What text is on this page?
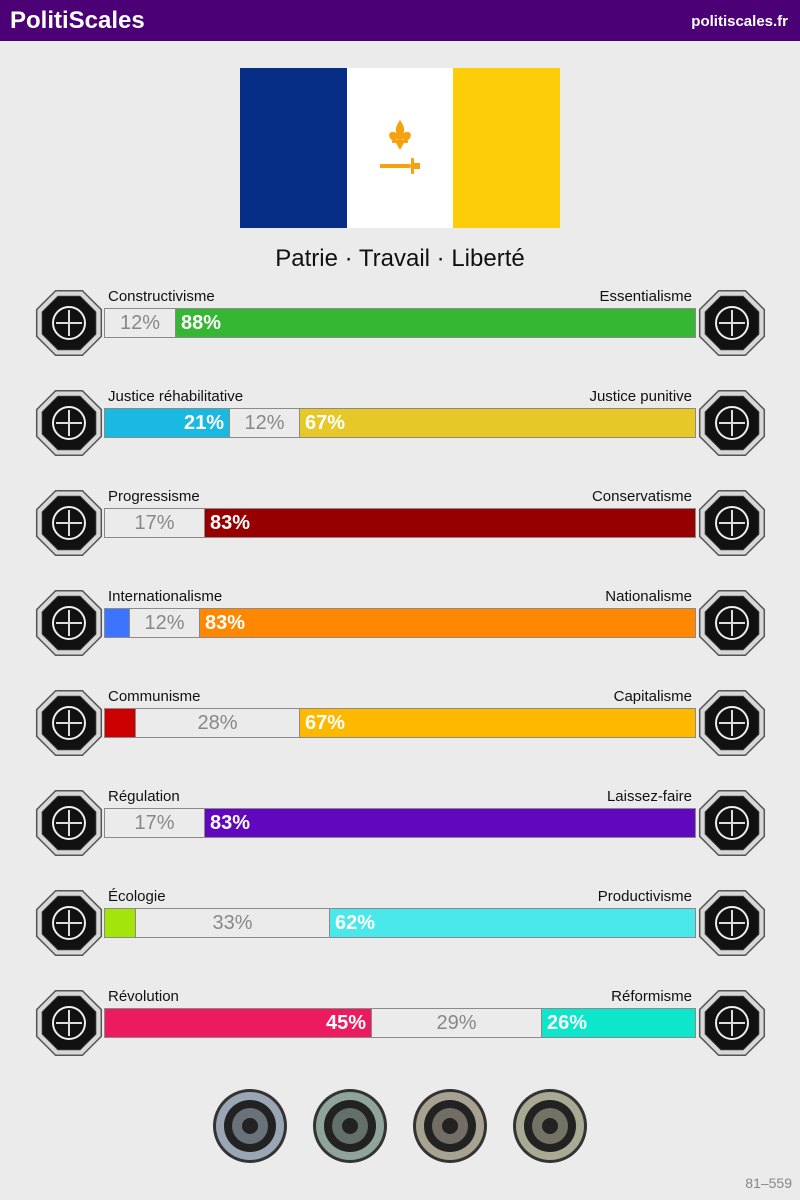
PolitiScales	politiscales.fr
Patrie · Travail · Liberté
Constructivisme	Essentialisme
12%	88%
Justice réhabilitative	Justice punitive
21%	12%	67%
Progressisme	Conservatisme
17%	83%
Internationalisme	Nationalisme
12%	83%
Communisme	Capitalisme
28%	67%
Régulation	Laissez-faire
17%	83%
Écologie	Productivisme
33%	62%
Révolution	Réformisme
45%	29%	26%
81–559
